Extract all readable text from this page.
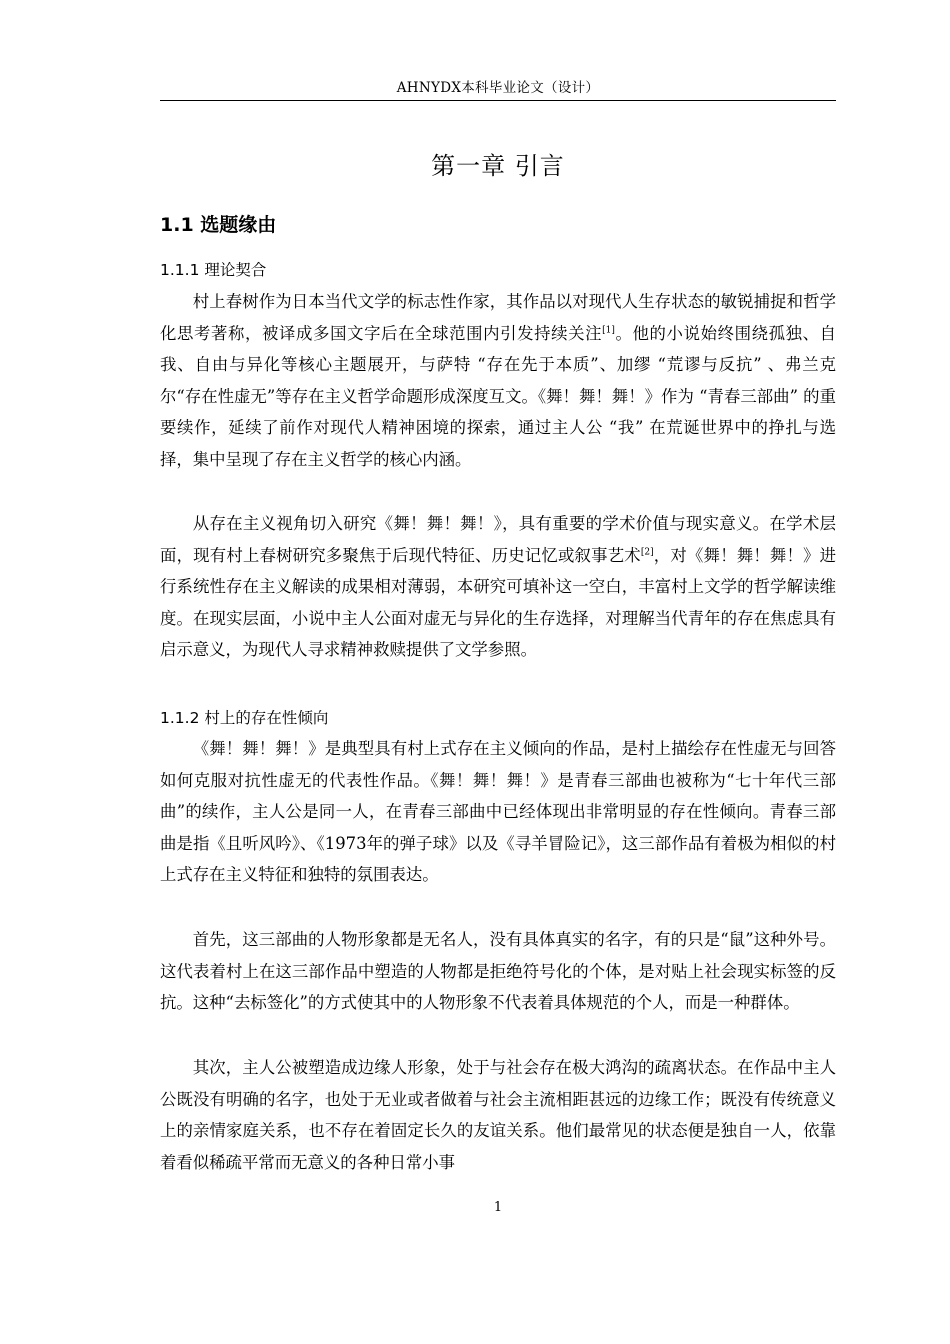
AHNYDX本科毕业论文（设计）
第一章 引言
1.1 选题缘由
1.1.1 理论契合

村上春树作为日本当代文学的标志性作家，其作品以对现代人生存状态的敏锐捕捉和哲学化思考著称，被译成多国文字后在全球范围内引发持续关注[1]。他的小说始终围绕孤独、自我、自由与异化等核心主题展开，与萨特 “存在先于本质”、加缪 “荒谬与反抗” 、弗兰克尔“存在性虚无”等存在主义哲学命题形成深度互文。《舞！舞！舞！》作为 “青春三部曲” 的重要续作，延续了前作对现代人精神困境的探索，通过主人公 “我” 在荒诞世界中的挣扎与选择，集中呈现了存在主义哲学的核心内涵。

从存在主义视角切入研究《舞！舞！舞！》，具有重要的学术价值与现实意义。在学术层面，现有村上春树研究多聚焦于后现代特征、历史记忆或叙事艺术[2]，对《舞！舞！舞！》进行系统性存在主义解读的成果相对薄弱，本研究可填补这一空白，丰富村上文学的哲学解读维度。在现实层面，小说中主人公面对虚无与异化的生存选择，对理解当代青年的存在焦虑具有启示意义，为现代人寻求精神救赎提供了文学参照。

1.1.2 村上的存在性倾向

《舞！舞！舞！》是典型具有村上式存在主义倾向的作品，是村上描绘存在性虚无与回答如何克服对抗性虚无的代表性作品。《舞！舞！舞！》是青春三部曲也被称为“七十年代三部曲”的续作，主人公是同一人，在青春三部曲中已经体现出非常明显的存在性倾向。青春三部曲是指《且听风吟》、《1973年的弹子球》以及《寻羊冒险记》，这三部作品有着极为相似的村上式存在主义特征和独特的氛围表达。

首先，这三部曲的人物形象都是无名人，没有具体真实的名字，有的只是“鼠”这种外号。这代表着村上在这三部作品中塑造的人物都是拒绝符号化的个体，是对贴上社会现实标签的反抗。这种“去标签化”的方式使其中的人物形象不代表着具体规范的个人，而是一种群体。

其次，主人公被塑造成边缘人形象，处于与社会存在极大鸿沟的疏离状态。在作品中主人公既没有明确的名字，也处于无业或者做着与社会主流相距甚远的边缘工作；既没有传统意义上的亲情家庭关系，也不存在着固定长久的友谊关系。他们最常见的状态便是独自一人，依靠着看似稀疏平常而无意义的各种日常小事

1
